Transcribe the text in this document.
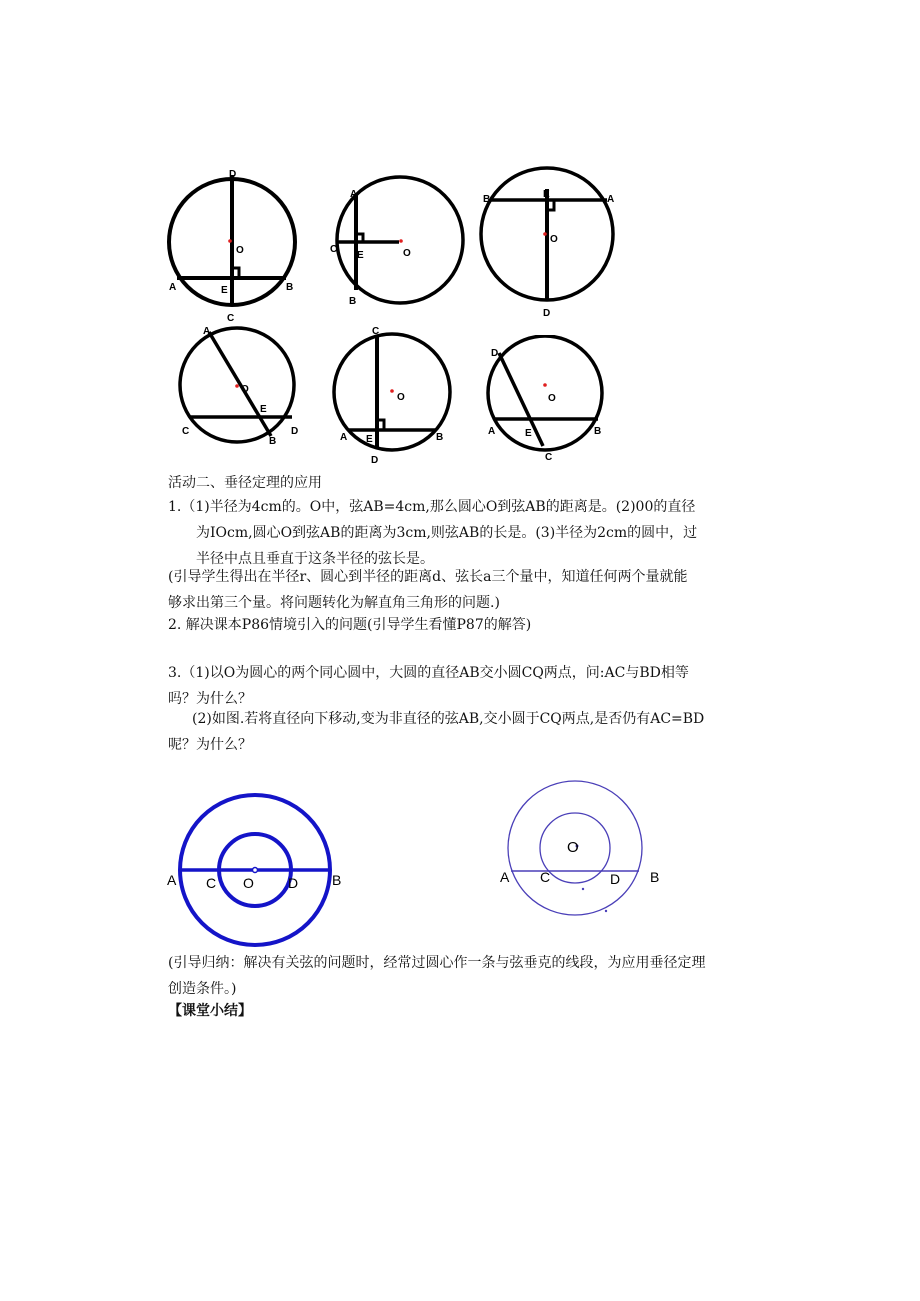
D
O
A	E	B
C
A
C
E	O
B
B	E	A
O
D
A
O
E
C
B
D
C
O
A E	B
D
D
O
A	E	B
C
活动二、垂径定理的应用
1.（1)半径为4cm的。O中，弦AB=4cm,那么圆心O到弦AB的距离是。(2)00的直径
为IOcm,圆心O到弦AB的距离为3cm,则弦AB的长是。(3)半径为2cm的圆中，过
半径中点且垂直于这条半径的弦长是。
(引导学生得出在半径r、圆心到半径的距离d、弦长a三个量中，知道任何两个量就能
够求出第三个量。将问题转化为解直角三角形的问题.)
2. 解决课本P86情境引入的问题(引导学生看懂P87的解答)
3.（1)以O为圆心的两个同心圆中，大圆的直径AB交小圆CQ两点，问:AC与BD相等
吗？为什么？
(2)如图.若将直径向下移动,变为非直径的弦AB,交小圆于CQ两点,是否仍有AC=BD
呢？为什么？
A C O D B
O
A C	D B
(引导归纳：解决有关弦的问题时，经常过圆心作一条与弦垂克的线段，为应用垂径定理
创造条件。)
【课堂小结】
